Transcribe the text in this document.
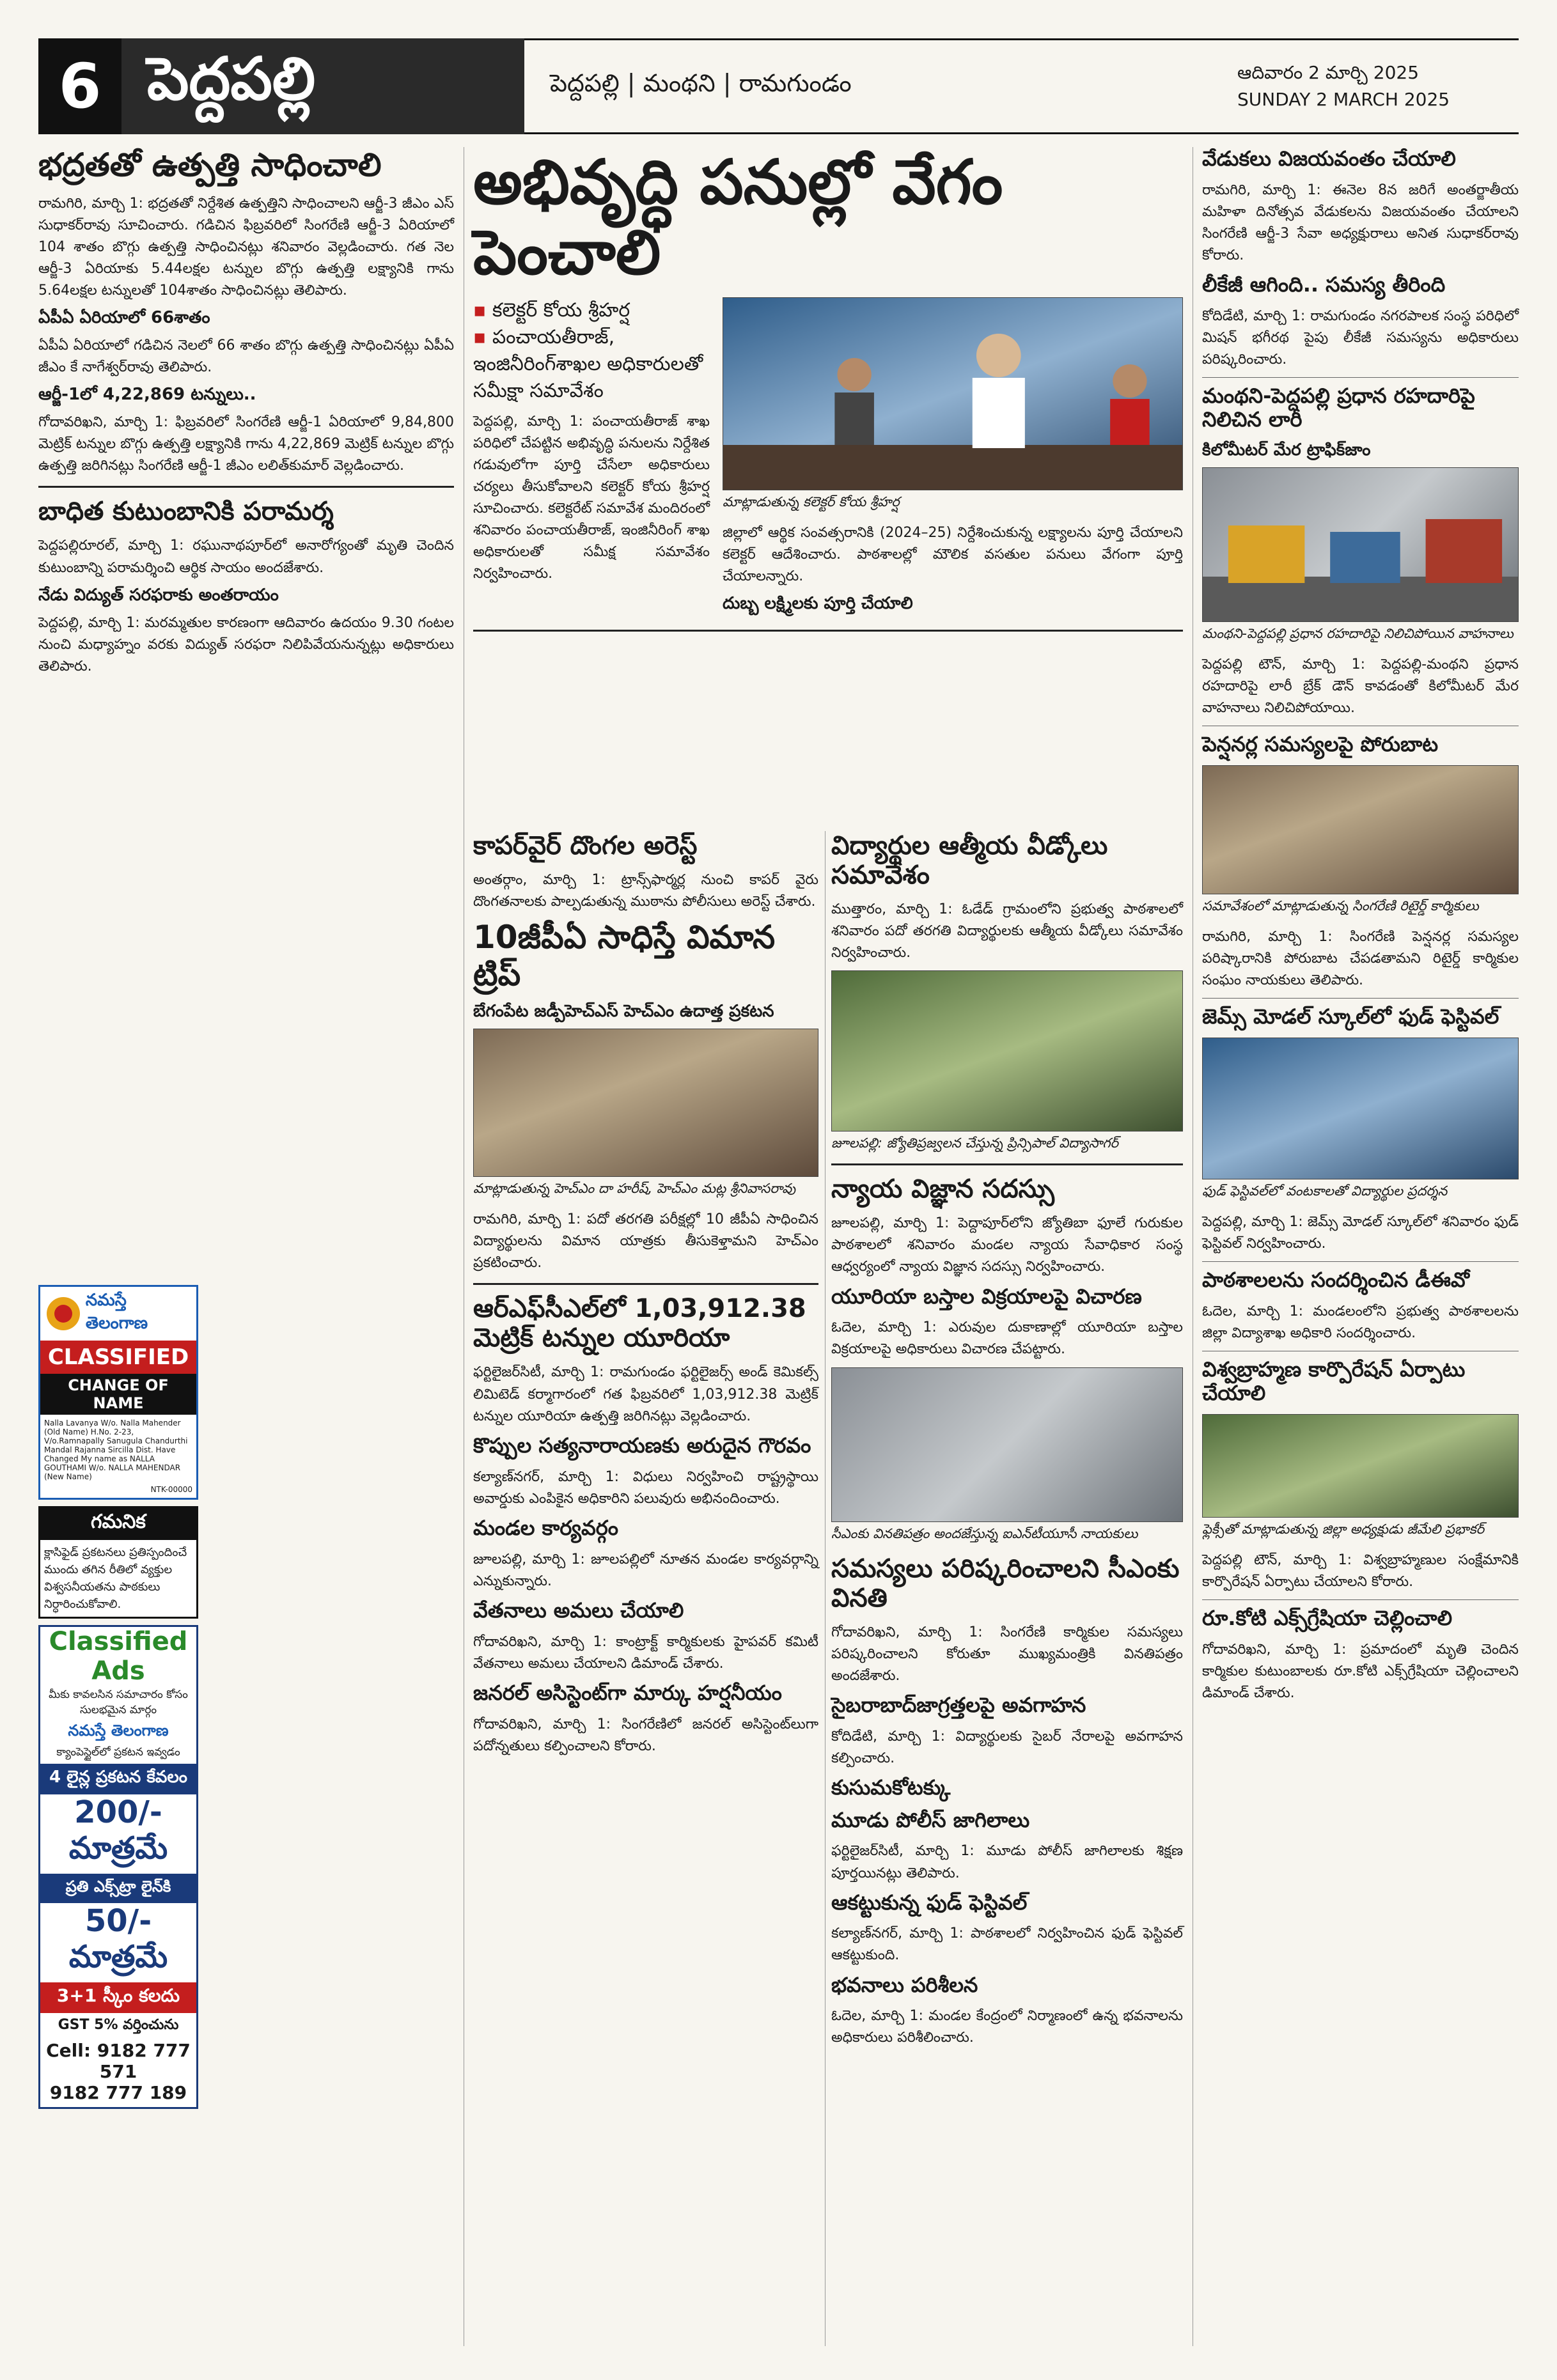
6 పెద్దపల్లి	పెద్దపల్లి | మంథని | రామగుండం	ఆదివారం 2 మార్చి 2025
SUNDAY 2 MARCH 2025
భద్రతతో ఉత్పత్తి సాధించాలి

రామగిరి, మార్చి 1: భద్రతతో నిర్దేశిత ఉత్పత్తిని సాధించాలని ఆర్జీ-3 జీఎం ఎస్ సుధాకర్‌రావు సూచించారు. గడిచిన ఫిబ్రవరిలో సింగరేణి ఆర్జీ-3 ఏరియాలో 104 శాతం బొగ్గు ఉత్పత్తి సాధించినట్లు శనివారం వెల్లడించారు. గత నెల ఆర్జీ-3 ఏరియాకు 5.44లక్షల టన్నుల బొగ్గు ఉత్పత్తి లక్ష్యానికి గాను 5.64లక్షల టన్నులతో 104శాతం సాధించినట్లు తెలిపారు.

ఏపీఏ ఏరియాలో 66శాతం

ఏపీఏ ఏరియాలో గడిచిన నెలలో 66 శాతం బొగ్గు ఉత్పత్తి సాధించినట్లు ఏపీఏ జీఎం కే నాగేశ్వర్‌రావు తెలిపారు.

ఆర్జీ-1లో 4,22,869 టన్నులు..

గోదావరిఖని, మార్చి 1: ఫిబ్రవరిలో సింగరేణి ఆర్జీ-1 ఏరియాలో 9,84,800 మెట్రిక్ టన్నుల బొగ్గు ఉత్పత్తి లక్ష్యానికి గాను 4,22,869 మెట్రిక్ టన్నుల బొగ్గు ఉత్పత్తి జరిగినట్లు సింగరేణి ఆర్జీ-1 జీఎం లలిత్‌కుమార్ వెల్లడించారు.

బాధిత కుటుంబానికి పరామర్శ

పెద్దపల్లిరూరల్, మార్చి 1: రఘునాథపూర్‌లో అనారోగ్యంతో మృతి చెందిన కుటుంబాన్ని పరామర్శించి ఆర్థిక సాయం అందజేశారు.

నేడు విద్యుత్ సరఫరాకు అంతరాయం

పెద్దపల్లి, మార్చి 1: మరమ్మతుల కారణంగా ఆదివారం ఉదయం 9.30 గంటల నుంచి మధ్యాహ్నం వరకు విద్యుత్ సరఫరా నిలిపివేయనున్నట్లు అధికారులు తెలిపారు.

నమస్తే తెలంగాణ
CLASSIFIED
CHANGE OF NAME

Nalla Lavanya W/o. Nalla Mahender (Old Name) H.No. 2-23, V/o.Ramnapally Sanugula Chandurthi Mandal Rajanna Sircilla Dist. Have Changed My name as NALLA GOUTHAMI W/o. NALLA MAHENDAR (New Name)

NTK-00000
గమనిక

క్లాసిఫైడ్ ప్రకటనలు ప్రతిస్పందించే ముందు తగిన రీతిలో వ్యక్తుల విశ్వసనీయతను పాఠకులు నిర్ధారించుకోవాలి.

Classified Ads

మీకు కావలసిన సమాచారం కోసం సులభమైన మార్గం

నమస్తే తెలంగాణ

క్యాంపెస్టైల్‌లో ప్రకటన ఇవ్వడం

4 లైన్ల ప్రకటన కేవలం
200/- మాత్రమే
ప్రతి ఎక్స్‌ట్రా లైన్‌కి
50/- మాత్రమే
3+1 స్కీం కలదు
GST 5% వర్తించును
Cell: 9182 777 571
9182 777 189
అభివృద్ధి పనుల్లో వేగం పెంచాలి
▪ కలెక్టర్ కోయ శ్రీహర్ష
▪ పంచాయతీరాజ్, ఇంజినీరింగ్‌శాఖల అధికారులతో సమీక్షా సమావేశం

పెద్దపల్లి, మార్చి 1: పంచాయతీరాజ్ శాఖ పరిధిలో చేపట్టిన అభివృద్ధి పనులను నిర్దేశిత గడువులోగా పూర్తి చేసేలా అధికారులు చర్యలు తీసుకోవాలని కలెక్టర్ కోయ శ్రీహర్ష సూచించారు. కలెక్టరేట్ సమావేశ మందిరంలో శనివారం పంచాయతీరాజ్, ఇంజినీరింగ్ శాఖ అధికారులతో సమీక్ష సమావేశం నిర్వహించారు.

మాట్లాడుతున్న కలెక్టర్ కోయ శ్రీహర్ష

జిల్లాలో ఆర్థిక సంవత్సరానికి (2024–25) నిర్దేశించుకున్న లక్ష్యాలను పూర్తి చేయాలని కలెక్టర్ ఆదేశించారు. పాఠశాలల్లో మౌలిక వసతుల పనులు వేగంగా పూర్తి చేయాలన్నారు.

దుబ్బ లక్ష్మిలకు పూర్తి చేయాలి
కాపర్‌వైర్ దొంగల అరెస్ట్

అంతర్గాం, మార్చి 1: ట్రాన్స్‌ఫార్మర్ల నుంచి కాపర్ వైరు దొంగతనాలకు పాల్పడుతున్న ముఠాను పోలీసులు అరెస్ట్ చేశారు.

10జీపీఏ సాధిస్తే విమాన ట్రిప్
బేగంపేట జడ్పీహెచ్‌ఎస్ హెచ్‌ఎం ఉదాత్త ప్రకటన
మాట్లాడుతున్న హెచ్‌ఎం దా హరీష్, హెచ్‌ఎం మట్ల శ్రీనివాసరావు

రామగిరి, మార్చి 1: పదో తరగతి పరీక్షల్లో 10 జీపీఏ సాధించిన విద్యార్థులను విమాన యాత్రకు తీసుకెళ్తామని హెచ్‌ఎం ప్రకటించారు.

ఆర్‌ఎఫ్‌సీఎల్‌లో 1,03,912.38 మెట్రిక్ టన్నుల యూరియా

ఫర్టిలైజర్‌సిటీ, మార్చి 1: రామగుండం ఫర్టిలైజర్స్ అండ్ కెమికల్స్ లిమిటెడ్ కర్మాగారంలో గత ఫిబ్రవరిలో 1,03,912.38 మెట్రిక్ టన్నుల యూరియా ఉత్పత్తి జరిగినట్లు వెల్లడించారు.

కొప్పుల సత్యనారాయణకు అరుదైన గౌరవం

కల్యాణ్‌నగర్, మార్చి 1: విధులు నిర్వహించి రాష్ట్రస్థాయి అవార్డుకు ఎంపికైన అధికారిని పలువురు అభినందించారు.

మండల కార్యవర్గం

జూలపల్లి, మార్చి 1: జూలపల్లిలో నూతన మండల కార్యవర్గాన్ని ఎన్నుకున్నారు.

వేతనాలు అమలు చేయాలి

గోదావరిఖని, మార్చి 1: కాంట్రాక్ట్ కార్మికులకు హైపవర్ కమిటీ వేతనాలు అమలు చేయాలని డిమాండ్ చేశారు.

జనరల్ అసిస్టెంట్‌గా మార్కు హర్షనీయం

గోదావరిఖని, మార్చి 1: సింగరేణిలో జనరల్ అసిస్టెంట్‌లుగా పదోన్నతులు కల్పించాలని కోరారు.

విద్యార్థుల ఆత్మీయ వీడ్కోలు సమావేశం

ముత్తారం, మార్చి 1: ఓడేడ్ గ్రామంలోని ప్రభుత్వ పాఠశాలలో శనివారం పదో తరగతి విద్యార్థులకు ఆత్మీయ వీడ్కోలు సమావేశం నిర్వహించారు.

జూలపల్లి: జ్యోతిప్రజ్వలన చేస్తున్న ప్రిన్సిపాల్ విద్యాసాగర్
న్యాయ విజ్ఞాన సదస్సు

జూలపల్లి, మార్చి 1: పెద్దాపూర్‌లోని జ్యోతిబా ఫూలే గురుకుల పాఠశాలలో శనివారం మండల న్యాయ సేవాధికార సంస్థ ఆధ్వర్యంలో న్యాయ విజ్ఞాన సదస్సు నిర్వహించారు.

యూరియా బస్తాల విక్రయాలపై విచారణ

ఓదెల, మార్చి 1: ఎరువుల దుకాణాల్లో యూరియా బస్తాల విక్రయాలపై అధికారులు విచారణ చేపట్టారు.

సీఎంకు వినతిపత్రం అందజేస్తున్న ఐఎన్‌టీయూసీ నాయకులు
సమస్యలు పరిష్కరించాలని సీఎంకు వినతి

గోదావరిఖని, మార్చి 1: సింగరేణి కార్మికుల సమస్యలు పరిష్కరించాలని కోరుతూ ముఖ్యమంత్రికి వినతిపత్రం అందజేశారు.

సైబరాబాద్‌జాగ్రత్తలపై అవగాహన

కోదిడేటి, మార్చి 1: విద్యార్థులకు సైబర్ నేరాలపై అవగాహన కల్పించారు.

కుసుమకోటక్కు
మూడు పోలీస్ జాగిలాలు

ఫర్టిలైజర్‌సిటీ, మార్చి 1: మూడు పోలీస్ జాగిలాలకు శిక్షణ పూర్తయినట్లు తెలిపారు.

ఆకట్టుకున్న ఫుడ్ ఫెస్టివల్

కల్యాణ్‌నగర్, మార్చి 1: పాఠశాలలో నిర్వహించిన ఫుడ్ ఫెస్టివల్ ఆకట్టుకుంది.

భవనాలు పరిశీలన

ఓదెల, మార్చి 1: మండల కేంద్రంలో నిర్మాణంలో ఉన్న భవనాలను అధికారులు పరిశీలించారు.

వేడుకలు విజయవంతం చేయాలి

రామగిరి, మార్చి 1: ఈనెల 8న జరిగే అంతర్జాతీయ మహిళా దినోత్సవ వేడుకలను విజయవంతం చేయాలని సింగరేణి ఆర్జీ-3 సేవా అధ్యక్షురాలు అనిత సుధాకర్‌రావు కోరారు.

లీకేజీ ఆగింది.. సమస్య తీరింది

కోదిడేటి, మార్చి 1: రామగుండం నగరపాలక సంస్థ పరిధిలో మిషన్ భగీరథ పైపు లీకేజీ సమస్యను అధికారులు పరిష్కరించారు.

మంథని-పెద్దపల్లి ప్రధాన రహదారిపై నిలిచిన లారీ
కిలోమీటర్ మేర ట్రాఫిక్‌జాం
మంథని-పెద్దపల్లి ప్రధాన రహదారిపై నిలిచిపోయిన వాహనాలు

పెద్దపల్లి టౌన్, మార్చి 1: పెద్దపల్లి-మంథని ప్రధాన రహదారిపై లారీ బ్రేక్ డౌన్ కావడంతో కిలోమీటర్ మేర వాహనాలు నిలిచిపోయాయి.

పెన్షనర్ల సమస్యలపై పోరుబాట
సమావేశంలో మాట్లాడుతున్న సింగరేణి రిటైర్డ్ కార్మికులు

రామగిరి, మార్చి 1: సింగరేణి పెన్షనర్ల సమస్యల పరిష్కారానికి పోరుబాట చేపడతామని రిటైర్డ్ కార్మికుల సంఘం నాయకులు తెలిపారు.

జెమ్స్ మోడల్ స్కూల్‌లో ఫుడ్ ఫెస్టివల్
ఫుడ్ ఫెస్టివల్‌లో వంటకాలతో విద్యార్థుల ప్రదర్శన

పెద్దపల్లి, మార్చి 1: జెమ్స్ మోడల్ స్కూల్‌లో శనివారం ఫుడ్ ఫెస్టివల్ నిర్వహించారు.

పాఠశాలలను సందర్శించిన డీఈవో

ఓదెల, మార్చి 1: మండలంలోని ప్రభుత్వ పాఠశాలలను జిల్లా విద్యాశాఖ అధికారి సందర్శించారు.

విశ్వబ్రాహ్మణ కార్పొరేషన్ ఏర్పాటు చేయాలి
ఫ్లెక్సీతో మాట్లాడుతున్న జిల్లా అధ్యక్షుడు జీమేలి ప్రభాకర్

పెద్దపల్లి టౌన్, మార్చి 1: విశ్వబ్రాహ్మణుల సంక్షేమానికి కార్పొరేషన్ ఏర్పాటు చేయాలని కోరారు.

రూ.కోటి ఎక్స్‌గ్రేషియా చెల్లించాలి

గోదావరిఖని, మార్చి 1: ప్రమాదంలో మృతి చెందిన కార్మికుల కుటుంబాలకు రూ.కోటి ఎక్స్‌గ్రేషియా చెల్లించాలని డిమాండ్ చేశారు.
